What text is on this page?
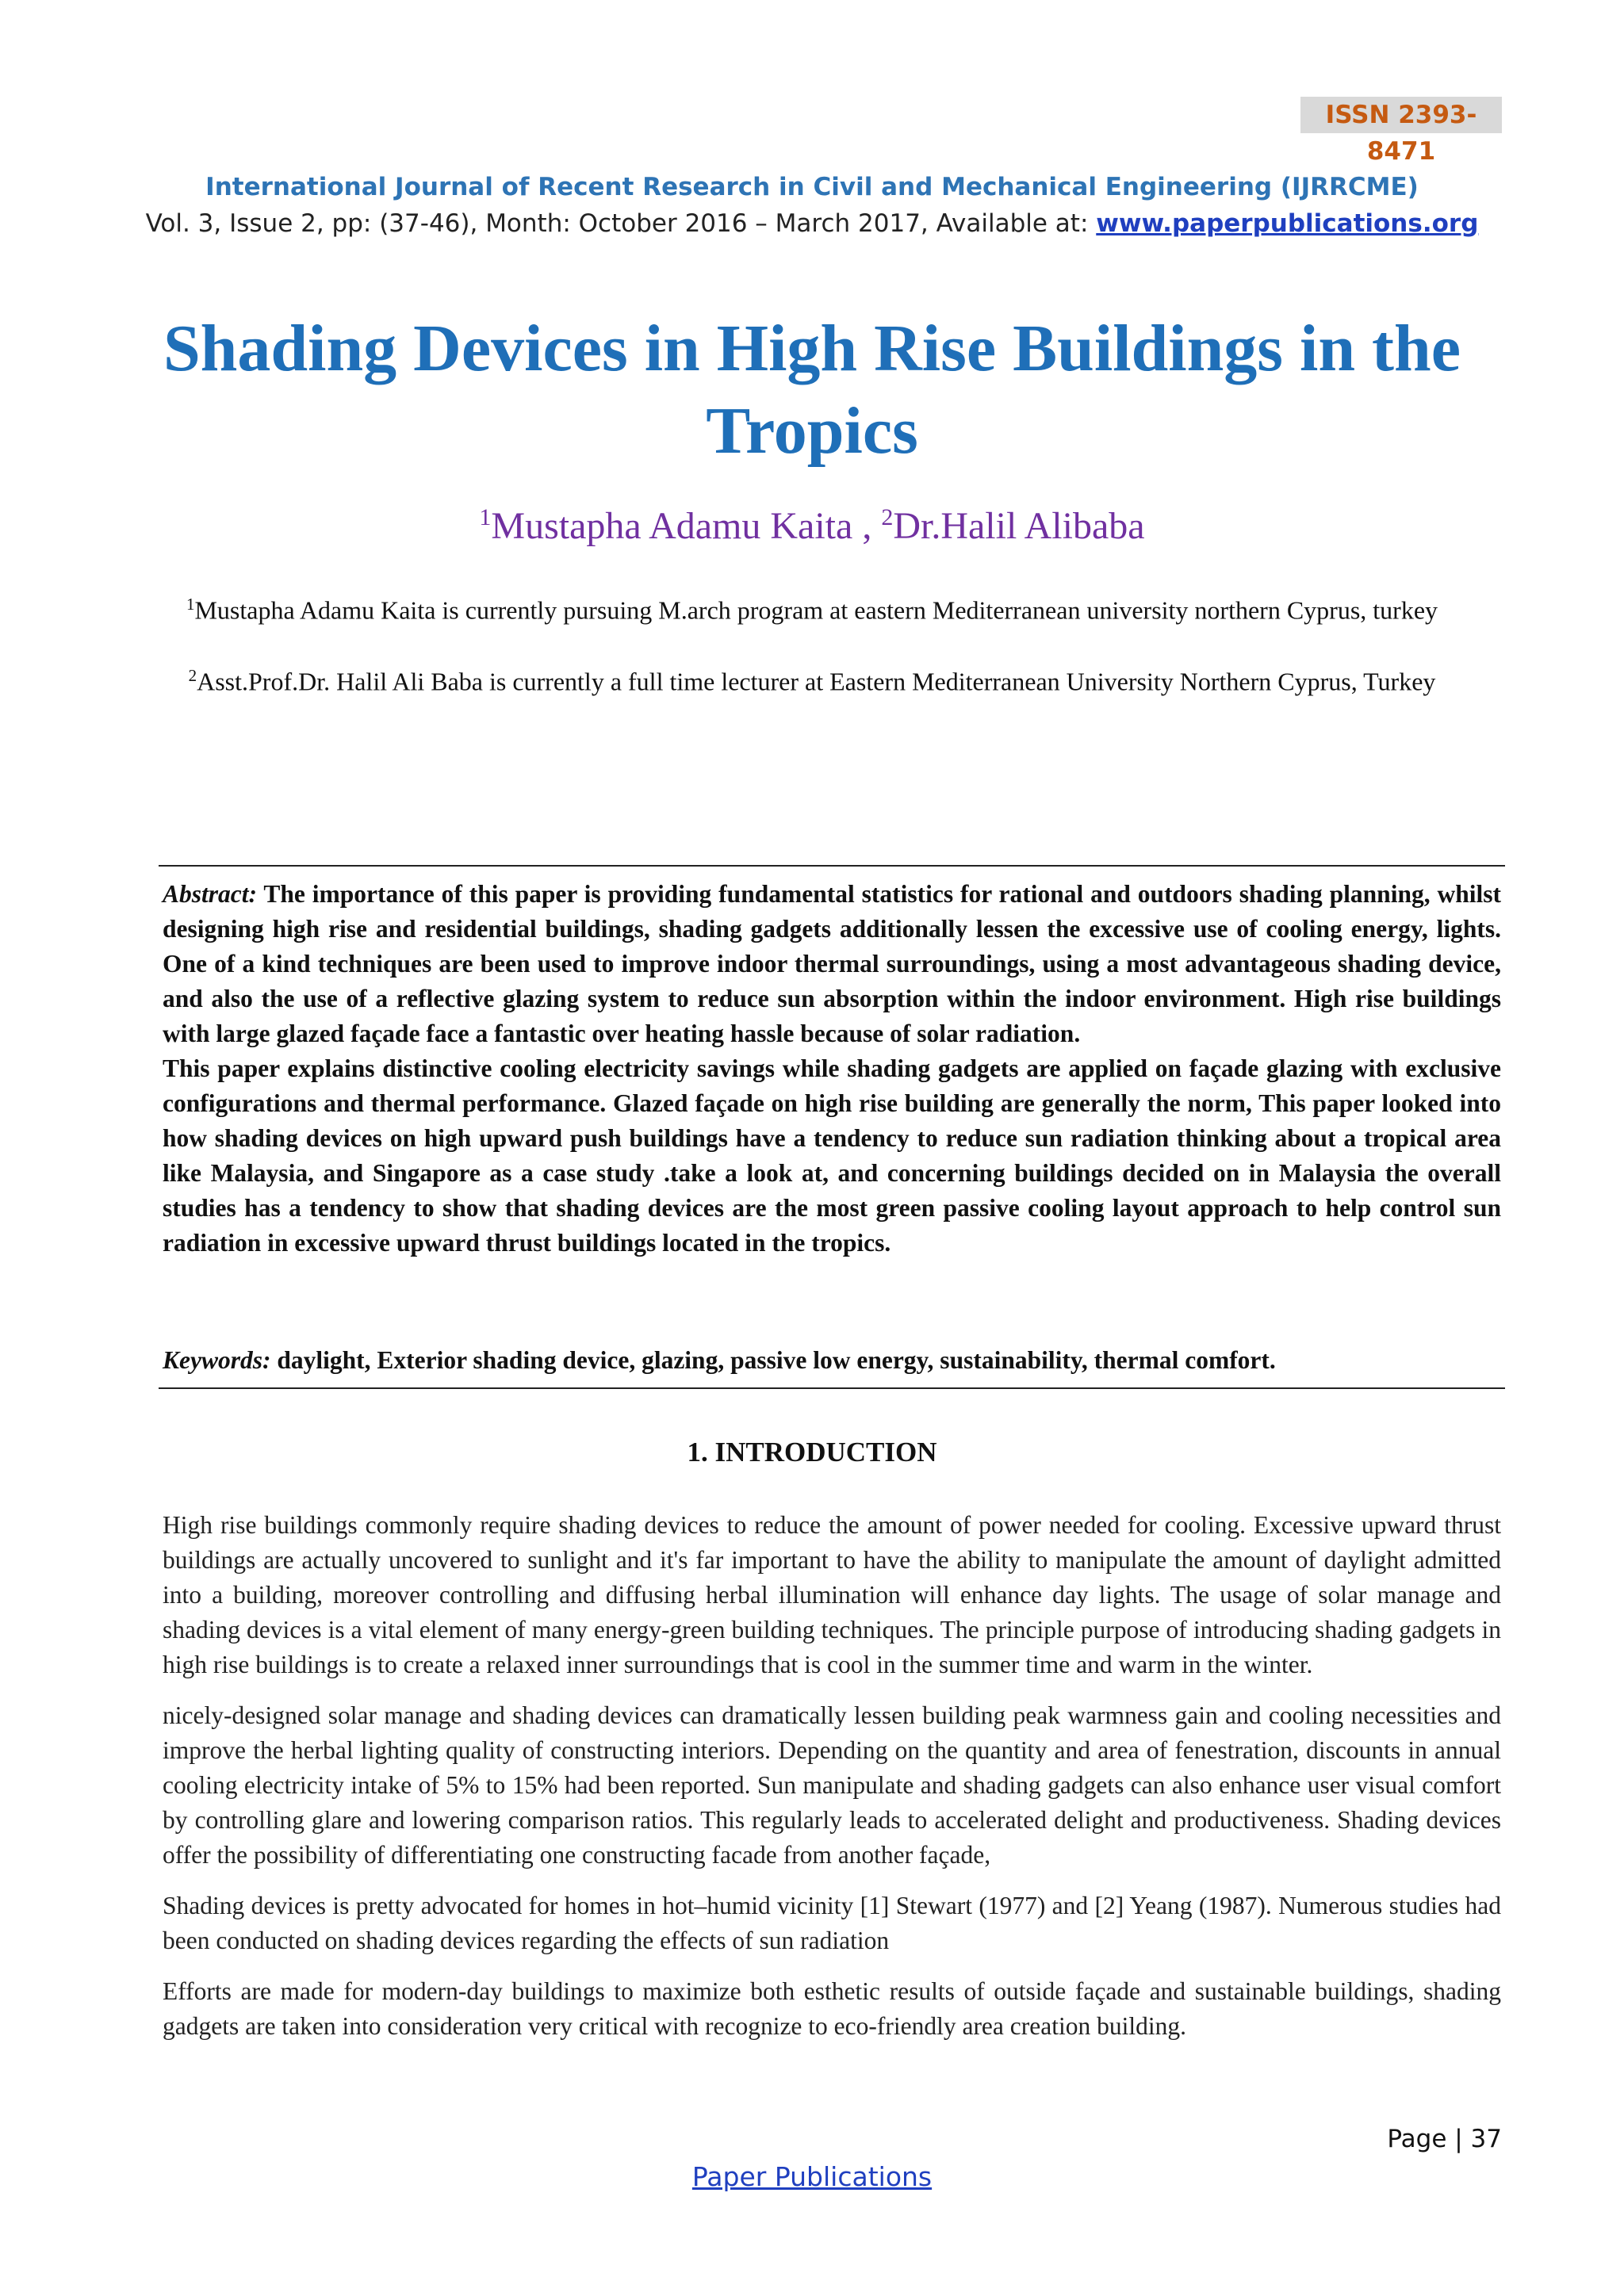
ISSN 2393-8471
International Journal of Recent Research in Civil and Mechanical Engineering (IJRRCME)
Vol. 3, Issue 2, pp: (37-46), Month: October 2016 – March 2017, Available at: www.paperpublications.org
Shading Devices in High Rise Buildings in the Tropics
$^1$Mustapha Adamu Kaita , $^2$Dr.Halil Alibaba
$^1$Mustapha Adamu Kaita is currently pursuing M.arch program at eastern Mediterranean university northern Cyprus, turkey
$^2$Asst.Prof.Dr. Halil Ali Baba is currently a full time lecturer at Eastern Mediterranean University Northern Cyprus, Turkey

Abstract: The importance of this paper is providing fundamental statistics for rational and outdoors shading planning, whilst designing high rise and residential buildings, shading gadgets additionally lessen the excessive use of cooling energy, lights. One of a kind techniques are been used to improve indoor thermal surroundings, using a most advantageous shading device, and also the use of a reflective glazing system to reduce sun absorption within the indoor environment. High rise buildings with large glazed façade face a fantastic over heating hassle because of solar radiation.

This paper explains distinctive cooling electricity savings while shading gadgets are applied on façade glazing with exclusive configurations and thermal performance. Glazed façade on high rise building are generally the norm, This paper looked into how shading devices on high upward push buildings have a tendency to reduce sun radiation thinking about a tropical area like Malaysia, and Singapore as a case study .take a look at, and concerning buildings decided on in Malaysia the overall studies has a tendency to show that shading devices are the most green passive cooling layout approach to help control sun radiation in excessive upward thrust buildings located in the tropics.

Keywords: daylight, Exterior shading device, glazing, passive low energy, sustainability, thermal comfort.
1. INTRODUCTION

High rise buildings commonly require shading devices to reduce the amount of power needed for cooling. Excessive upward thrust buildings are actually uncovered to sunlight and it's far important to have the ability to manipulate the amount of daylight admitted into a building, moreover controlling and diffusing herbal illumination will enhance day lights. The usage of solar manage and shading devices is a vital element of many energy-green building techniques. The principle purpose of introducing shading gadgets in high rise buildings is to create a relaxed inner surroundings that is cool in the summer time and warm in the winter.

nicely-designed solar manage and shading devices can dramatically lessen building peak warmness gain and cooling necessities and improve the herbal lighting quality of constructing interiors. Depending on the quantity and area of fenestration, discounts in annual cooling electricity intake of 5% to 15% had been reported. Sun manipulate and shading gadgets can also enhance user visual comfort by controlling glare and lowering comparison ratios. This regularly leads to accelerated delight and productiveness. Shading devices offer the possibility of differentiating one constructing facade from another façade,

Shading devices is pretty advocated for homes in hot–humid vicinity [1] Stewart (1977) and [2] Yeang (1987). Numerous studies had been conducted on shading devices regarding the effects of sun radiation

Efforts are made for modern-day buildings to maximize both esthetic results of outside façade and sustainable buildings, shading gadgets are taken into consideration very critical with recognize to eco-friendly area creation building.

Page | 37
Paper Publications
